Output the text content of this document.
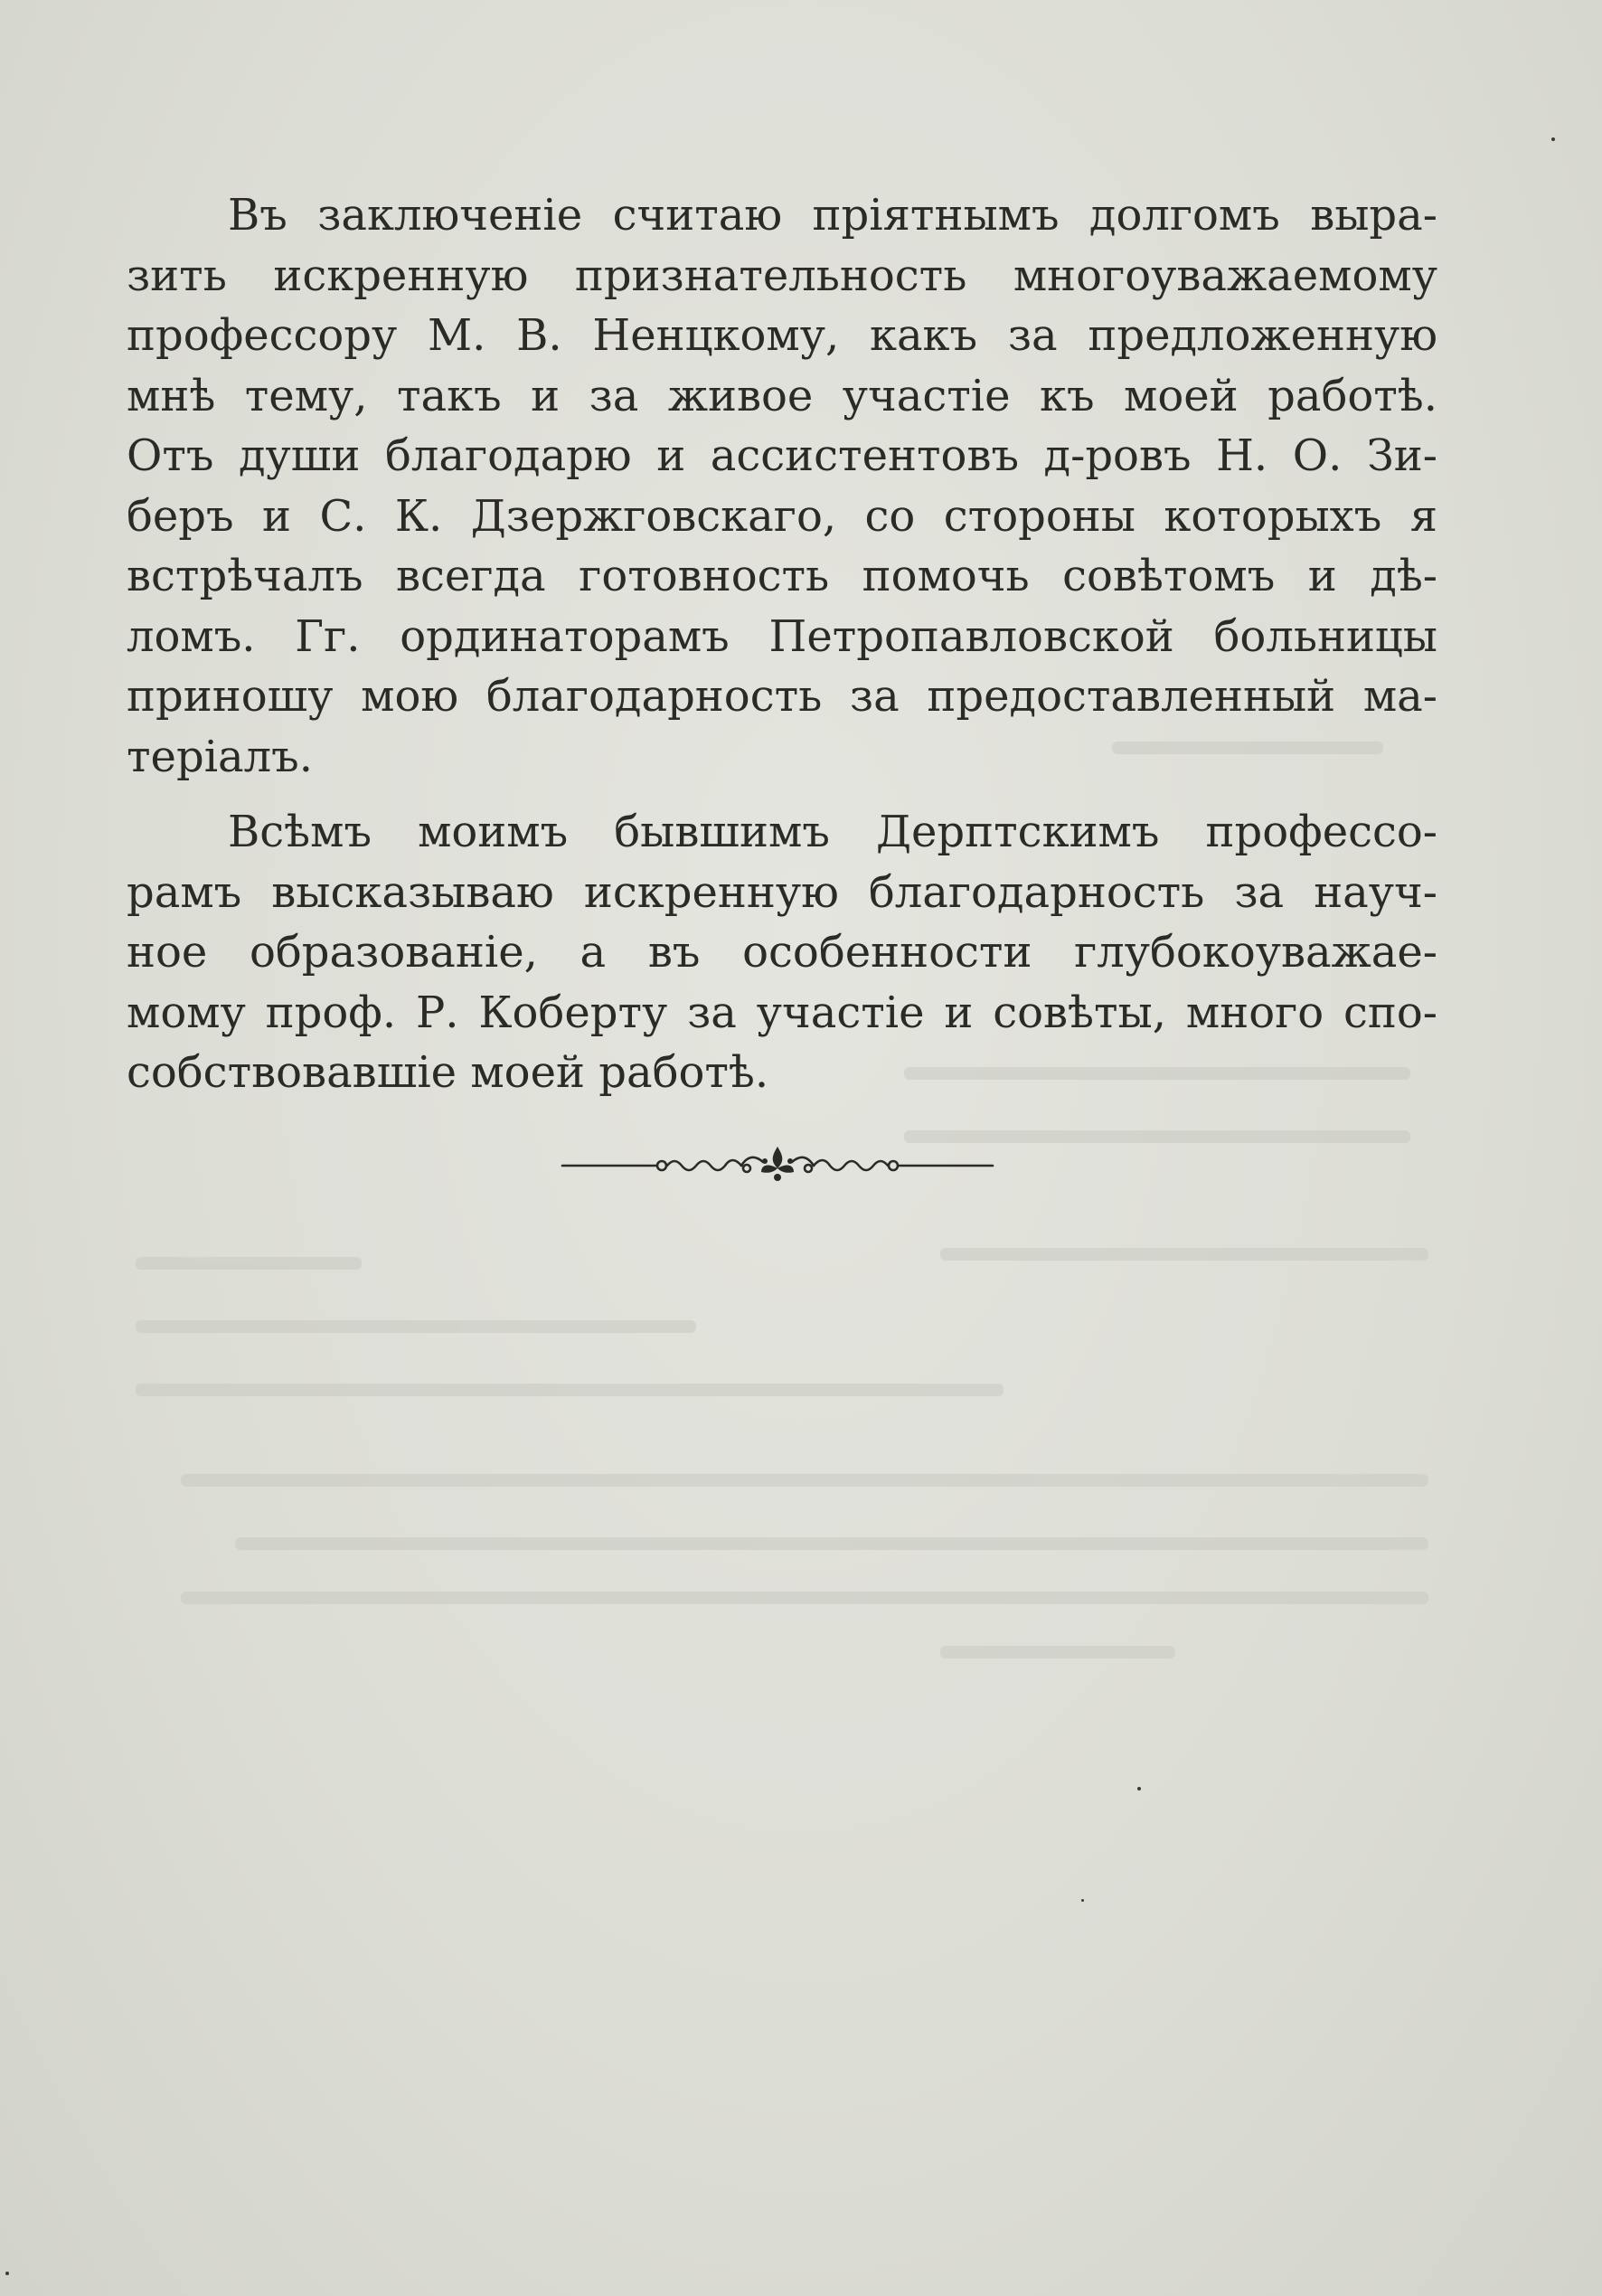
Въ заключеніе считаю пріятнымъ долгомъ выра-
зить искренную признательность многоуважаемому
профессору М. В. Ненцкому, какъ за предложенную
мнѣ тему, такъ и за живое участіе къ моей работѣ.
Отъ души благодарю и ассистентовъ д-ровъ Н. О. Зи-
беръ и С. К. Дзержговскаго, со стороны которыхъ я
встрѣчалъ всегда готовность помочь совѣтомъ и дѣ-
ломъ. Гг. ординаторамъ Петропавловской больницы
приношу мою благодарность за предоставленный ма-
теріалъ.
Всѣмъ моимъ бывшимъ Дерптскимъ профессо-
рамъ высказываю искренную благодарность за науч-
ное образованіе, а въ особенности глубокоуважае-
мому проф. Р. Коберту за участіе и совѣты, много спо-
собствовавшіе моей работѣ.
